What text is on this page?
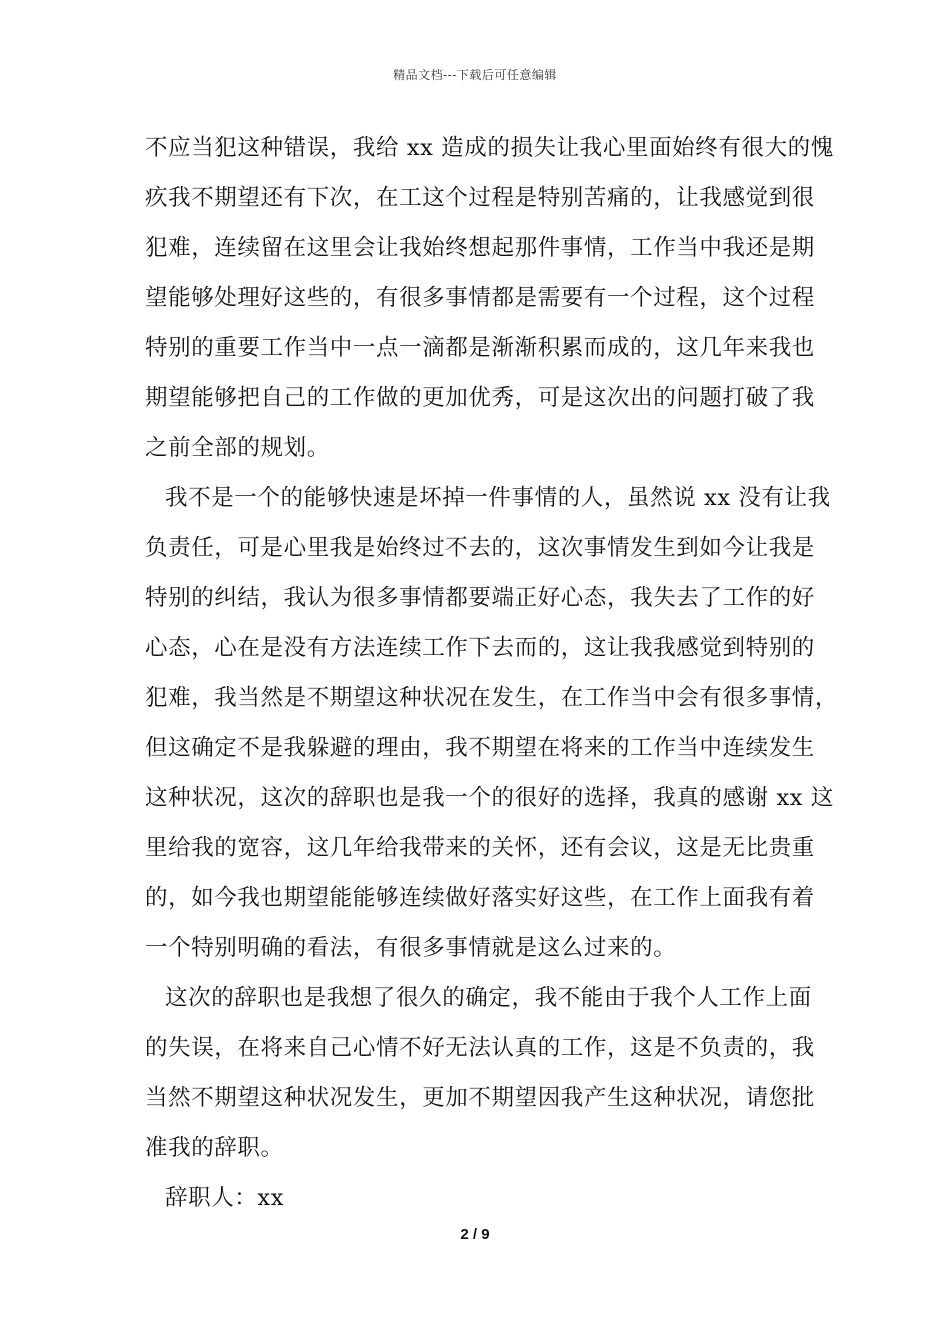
精品文档---下载后可任意编辑
不应当犯这种错误，我给 xx 造成的损失让我心里面始终有很大的愧
疚我不期望还有下次，在工这个过程是特别苦痛的，让我感觉到很
犯难，连续留在这里会让我始终想起那件事情，工作当中我还是期
望能够处理好这些的，有很多事情都是需要有一个过程，这个过程
特别的重要工作当中一点一滴都是渐渐积累而成的，这几年来我也
期望能够把自己的工作做的更加优秀，可是这次出的问题打破了我
之前全部的规划。
我不是一个的能够快速是坏掉一件事情的人，虽然说 xx 没有让我
负责任，可是心里我是始终过不去的，这次事情发生到如今让我是
特别的纠结，我认为很多事情都要端正好心态，我失去了工作的好
心态，心在是没有方法连续工作下去而的，这让我我感觉到特别的
犯难，我当然是不期望这种状况在发生，在工作当中会有很多事情，
但这确定不是我躲避的理由，我不期望在将来的工作当中连续发生
这种状况，这次的辞职也是我一个的很好的选择，我真的感谢 xx 这
里给我的宽容，这几年给我带来的关怀，还有会议，这是无比贵重
的，如今我也期望能能够连续做好落实好这些，在工作上面我有着
一个特别明确的看法，有很多事情就是这么过来的。
这次的辞职也是我想了很久的确定，我不能由于我个人工作上面
的失误，在将来自己心情不好无法认真的工作，这是不负责的，我
当然不期望这种状况发生，更加不期望因我产生这种状况，请您批
准我的辞职。
辞职人：xx
2 / 9
